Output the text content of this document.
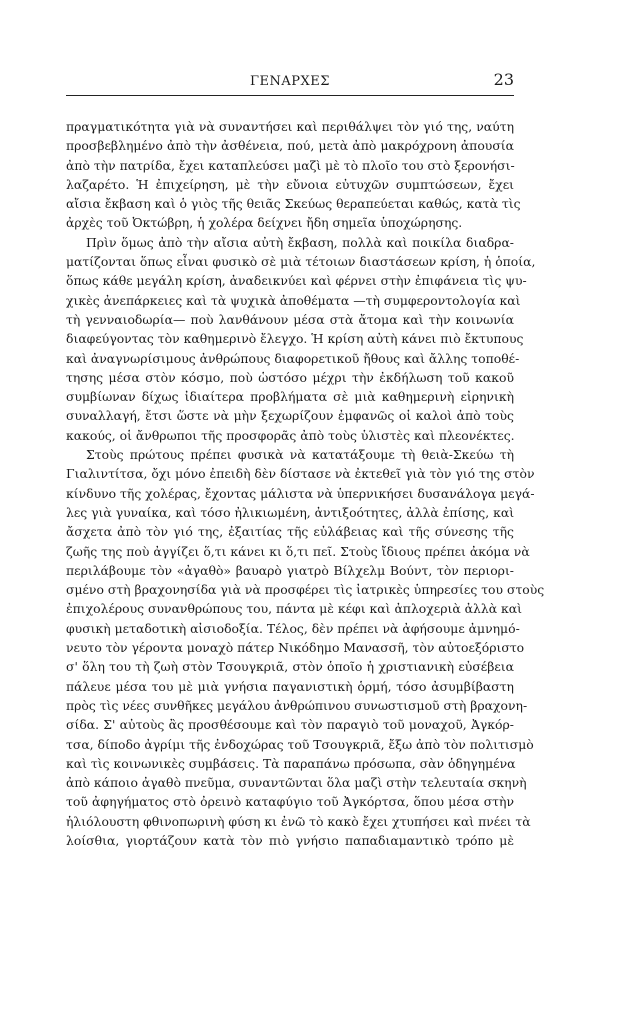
ΓΕΝΑΡΧΕΣ	23
πραγματικότητα γιὰ νὰ συναντήσει καὶ περιθάλψει τὸν γιό της, ναύτη
προσβεβλημένο ἀπὸ τὴν ἀσθένεια, πού, μετὰ ἀπὸ μακρόχρονη ἀπουσία
ἀπὸ τὴν πατρίδα, ἔχει καταπλεύσει μαζὶ μὲ τὸ πλοῖο του στὸ ξερονήσι-
λαζαρέτο. Ἡ ἐπιχείρηση, μὲ τὴν εὔνοια εὐτυχῶν συμπτώσεων, ἔχει
αἴσια ἔκβαση καὶ ὁ γιὸς τῆς θειᾶς Σκεύως θεραπεύεται καθώς, κατὰ τὶς
ἀρχὲς τοῦ Ὀκτώβρη, ἡ χολέρα δείχνει ἤδη σημεῖα ὑποχώρησης.
Πρὶν ὅμως ἀπὸ τὴν αἴσια αὐτὴ ἔκβαση, πολλὰ καὶ ποικίλα διαδρα-
ματίζονται ὅπως εἶναι φυσικὸ σὲ μιὰ τέτοιων διαστάσεων κρίση, ἡ ὁποία,
ὅπως κάθε μεγάλη κρίση, ἀναδεικνύει καὶ φέρνει στὴν ἐπιφάνεια τὶς ψυ-
χικὲς ἀνεπάρκειες καὶ τὰ ψυχικὰ ἀποθέματα —τὴ συμφεροντολογία καὶ
τὴ γενναιοδωρία— ποὺ λανθάνουν μέσα στὰ ἄτομα καὶ τὴν κοινωνία
διαφεύγοντας τὸν καθημερινὸ ἔλεγχο. Ἡ κρίση αὐτὴ κάνει πιὸ ἔκτυπους
καὶ ἀναγνωρίσιμους ἀνθρώπους διαφορετικοῦ ἤθους καὶ ἄλλης τοποθέ-
τησης μέσα στὸν κόσμο, ποὺ ὡστόσο μέχρι τὴν ἐκδήλωση τοῦ κακοῦ
συμβίωναν δίχως ἰδιαίτερα προβλήματα σὲ μιὰ καθημερινὴ εἰρηνικὴ
συναλλαγή, ἔτσι ὥστε νὰ μὴν ξεχωρίζουν ἐμφανῶς οἱ καλοὶ ἀπὸ τοὺς
κακούς, οἱ ἄνθρωποι τῆς προσφορᾶς ἀπὸ τοὺς ὑλιστὲς καὶ πλεονέκτες.
Στοὺς πρώτους πρέπει φυσικὰ νὰ κατατάξουμε τὴ θειὰ-Σκεύω τὴ
Γιαλιντίτσα, ὄχι μόνο ἐπειδὴ δὲν δίστασε νὰ ἐκτεθεῖ γιὰ τὸν γιό της στὸν
κίνδυνο τῆς χολέρας, ἔχοντας μάλιστα νὰ ὑπερνικήσει δυσανάλογα μεγά-
λες γιὰ γυναίκα, καὶ τόσο ἠλικιωμένη, ἀντιξοότητες, ἀλλὰ ἐπίσης, καὶ
ἄσχετα ἀπὸ τὸν γιό της, ἐξαιτίας τῆς εὐλάβειας καὶ τῆς σύνεσης τῆς
ζωῆς της ποὺ ἀγγίζει ὅ,τι κάνει κι ὅ,τι πεῖ. Στοὺς ἴδιους πρέπει ἀκόμα νὰ
περιλάβουμε τὸν «ἀγαθὸ» βαυαρὸ γιατρὸ Βίλχελμ Βούντ, τὸν περιορι-
σμένο στὴ βραχονησίδα γιὰ νὰ προσφέρει τὶς ἰατρικὲς ὑπηρεσίες του στοὺς
ἐπιχολέρους συνανθρώπους του, πάντα μὲ κέφι καὶ ἀπλοχεριὰ ἀλλὰ καὶ
φυσικὴ μεταδοτικὴ αἰσιοδοξία. Τέλος, δὲν πρέπει νὰ ἀφήσουμε ἀμνημό-
νευτο τὸν γέροντα μοναχὸ πάτερ Νικόδημο Μανασσῆ, τὸν αὐτοεξόριστο
σ' ὅλη του τὴ ζωὴ στὸν Τσουγκριᾶ, στὸν ὁποῖο ἡ χριστιανικὴ εὐσέβεια
πάλευε μέσα του μὲ μιὰ γνήσια παγανιστικὴ ὁρμή, τόσο ἀσυμβίβαστη
πρὸς τὶς νέες συνθῆκες μεγάλου ἀνθρώπινου συνωστισμοῦ στὴ βραχονη-
σίδα. Σ' αὐτοὺς ἂς προσθέσουμε καὶ τὸν παραγιὸ τοῦ μοναχοῦ, Ἀγκόρ-
τσα, δίποδο ἀγρίμι τῆς ἐνδοχώρας τοῦ Τσουγκριᾶ, ἔξω ἀπὸ τὸν πολιτισμὸ
καὶ τὶς κοινωνικὲς συμβάσεις. Τὰ παραπάνω πρόσωπα, σὰν ὁδηγημένα
ἀπὸ κάποιο ἀγαθὸ πνεῦμα, συναντῶνται ὅλα μαζὶ στὴν τελευταία σκηνὴ
τοῦ ἀφηγήματος στὸ ὀρεινὸ καταφύγιο τοῦ Ἀγκόρτσα, ὅπου μέσα στὴν
ἡλιόλουστη φθινοπωρινὴ φύση κι ἐνῶ τὸ κακὸ ἔχει χτυπήσει καὶ πνέει τὰ
λοίσθια, γιορτάζουν κατὰ τὸν πιὸ γνήσιο παπαδιαμαντικὸ τρόπο μὲ
